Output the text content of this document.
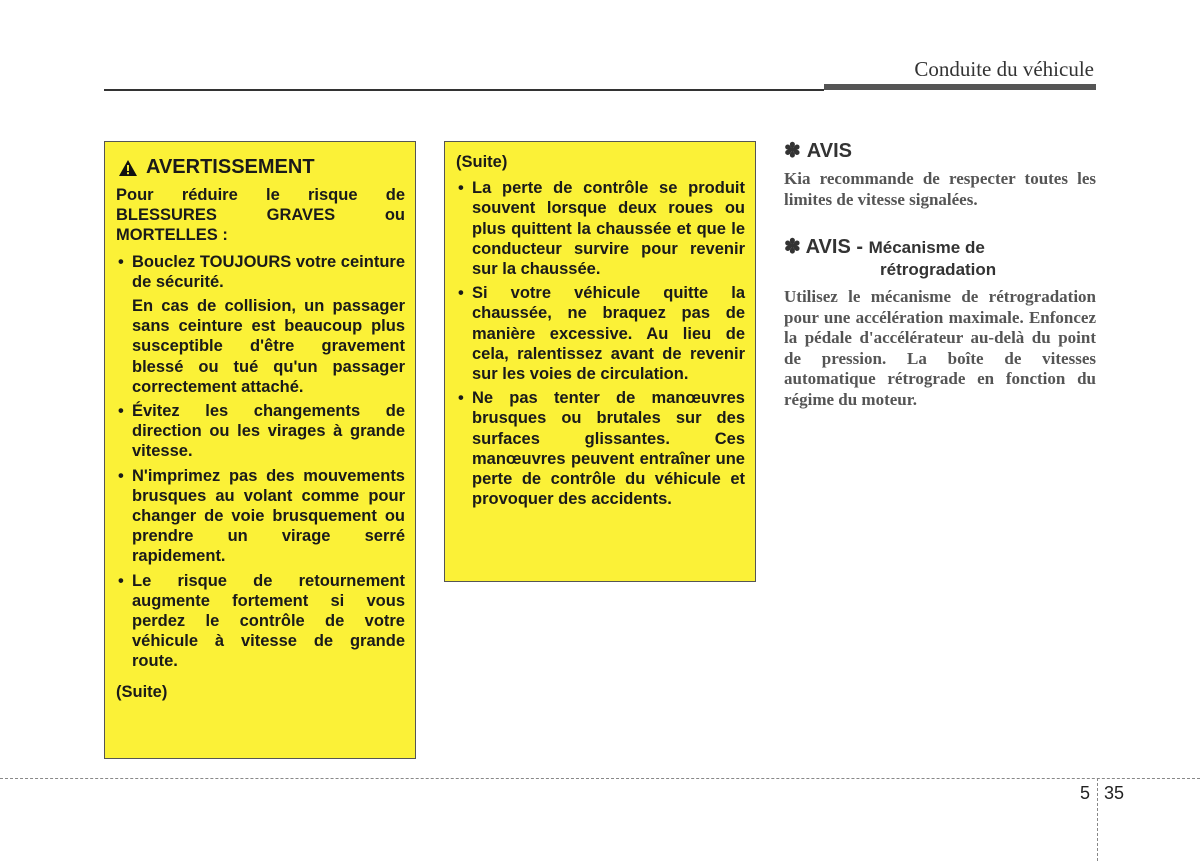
Conduite du véhicule
AVERTISSEMENT

Pour réduire le risque de BLESSURES GRAVES ou MORTELLES :

• Bouclez TOUJOURS votre ceinture de sécurité.

En cas de collision, un passager sans ceinture est beaucoup plus susceptible d'être gravement blessé ou tué qu'un passager correctement attaché.

• Évitez les changements de direction ou les virages à grande vitesse.

• N'imprimez pas des mouvements brusques au volant comme pour changer de voie brusquement ou prendre un virage serré rapidement.

• Le risque de retournement augmente fortement si vous perdez le contrôle de votre véhicule à vitesse de grande route.

(Suite)

(Suite)

• La perte de contrôle se produit souvent lorsque deux roues ou plus quittent la chaussée et que le conducteur survire pour revenir sur la chaussée.

• Si votre véhicule quitte la chaussée, ne braquez pas de manière excessive. Au lieu de cela, ralentissez avant de revenir sur les voies de circulation.

• Ne pas tenter de manœuvres brusques ou brutales sur des surfaces glissantes. Ces manœuvres peuvent entraîner une perte de contrôle du véhicule et provoquer des accidents.

✽ AVIS

Kia recommande de respecter toutes les limites de vitesse signalées.

✽ AVIS - Mécanisme de
rétrogradation

Utilisez le mécanisme de rétrogradation pour une accélération maximale. Enfoncez la pédale d'accélérateur au-delà du point de pression. La boîte de vitesses automatique rétrograde en fonction du régime du moteur.

5 35
